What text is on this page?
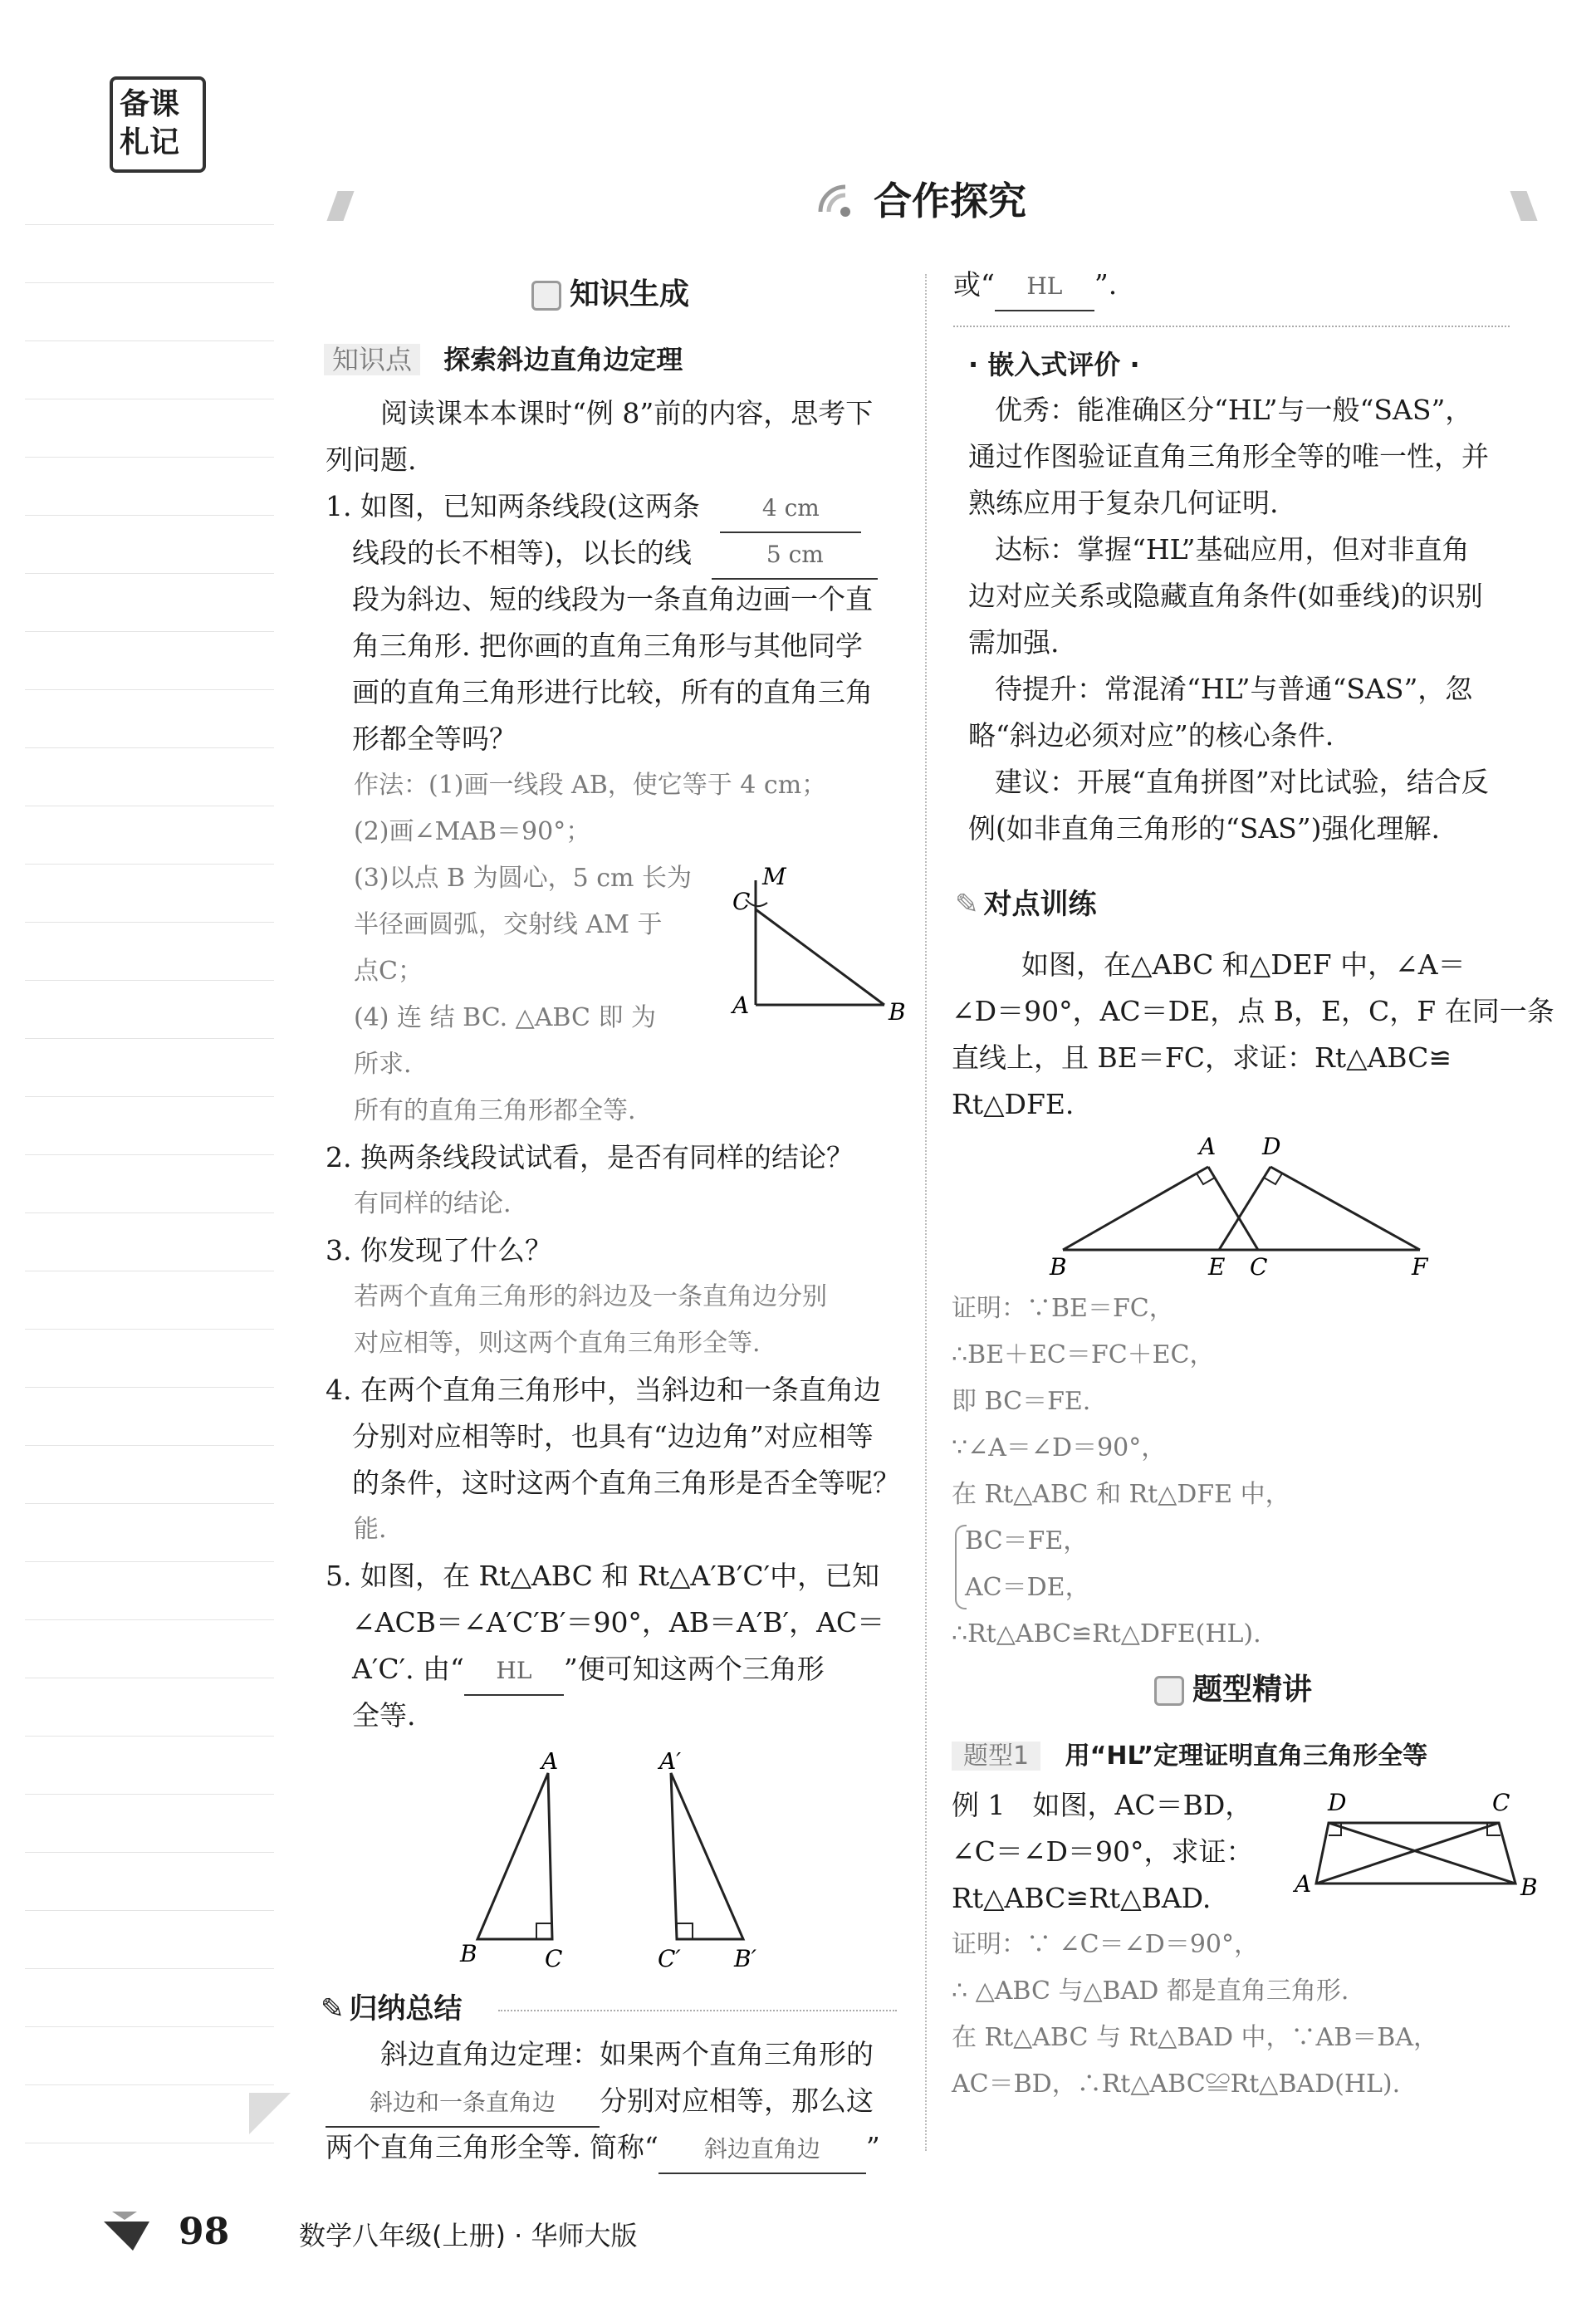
备课
札记
合作探究
知识生成
知识点 探索斜边直角边定理
阅读课本本课时“例 8”前的内容，思考下
列问题.
1. 如图，已知两条线段(这两条	4 cm
线段的长不相等)，以长的线	5 cm
段为斜边、短的线段为一条直角边画一个直
角三角形. 把你画的直角三角形与其他同学
画的直角三角形进行比较，所有的直角三角
形都全等吗？
作法：(1)画一线段 AB，使它等于 4 cm；
(2)画∠MAB＝90°；
(3)以点 B 为圆心，5 cm 长为
半径画圆弧，交射线 AM 于
点C；
(4) 连 结 BC. △ABC 即 为
所求.
所有的直角三角形都全等.
M
C
A	B
2. 换两条线段试试看，是否有同样的结论？
有同样的结论.
3. 你发现了什么？
若两个直角三角形的斜边及一条直角边分别
对应相等，则这两个直角三角形全等.
4. 在两个直角三角形中，当斜边和一条直角边
分别对应相等时，也具有“边边角”对应相等
的条件，这时这两个直角三角形是否全等呢？
能.
5. 如图，在 Rt△ABC 和 Rt△A′B′C′中，已知
∠ACB＝∠A′C′B′＝90°，AB＝A′B′，AC＝
A′C′. 由“ HL ”便可知这两个三角形
全等.
A
B	C
A′
C′ B′
✎ 归纳总结
斜边直角边定理：如果两个直角三角形的
斜边和一条直角边 分别对应相等，那么这
两个直角三角形全等. 简称“ 斜边直角边 ”
或“ HL ”.
· 嵌入式评价 ·
优秀：能准确区分“HL”与一般“SAS”，
通过作图验证直角三角形全等的唯一性，并
熟练应用于复杂几何证明.
达标：掌握“HL”基础应用，但对非直角
边对应关系或隐藏直角条件(如垂线)的识别
需加强.
待提升：常混淆“HL”与普通“SAS”，忽
略“斜边必须对应”的核心条件.
建议：开展“直角拼图”对比试验，结合反
例(如非直角三角形的“SAS”)强化理解.
✎ 对点训练
如图，在△ABC 和△DEF 中，∠A＝
∠D＝90°，AC＝DE，点 B，E，C，F 在同一条
直线上，且 BE＝FC，求证：Rt△ABC≌
Rt△DFE.
A D
B	E C	F
证明：∵BE＝FC，
∴BE＋EC＝FC＋EC，
即 BC＝FE.
∵∠A＝∠D＝90°，
在 Rt△ABC 和 Rt△DFE 中，
BC＝FE，
AC＝DE，
∴Rt△ABC≌Rt△DFE(HL).
题型精讲
题型1 用“HL”定理证明直角三角形全等
例 1　如图，AC＝BD，
∠C＝∠D＝90°，求证：
Rt△ABC≌Rt△BAD.
D	C
A	B
证明：∵ ∠C＝∠D＝90°，
∴ △ABC 与△BAD 都是直角三角形.
在 Rt△ABC 与 Rt△BAD 中，∵AB＝BA，
AC＝BD，∴Rt△ABC≌Rt△BAD(HL).
98	数学八年级(上册) · 华师大版
